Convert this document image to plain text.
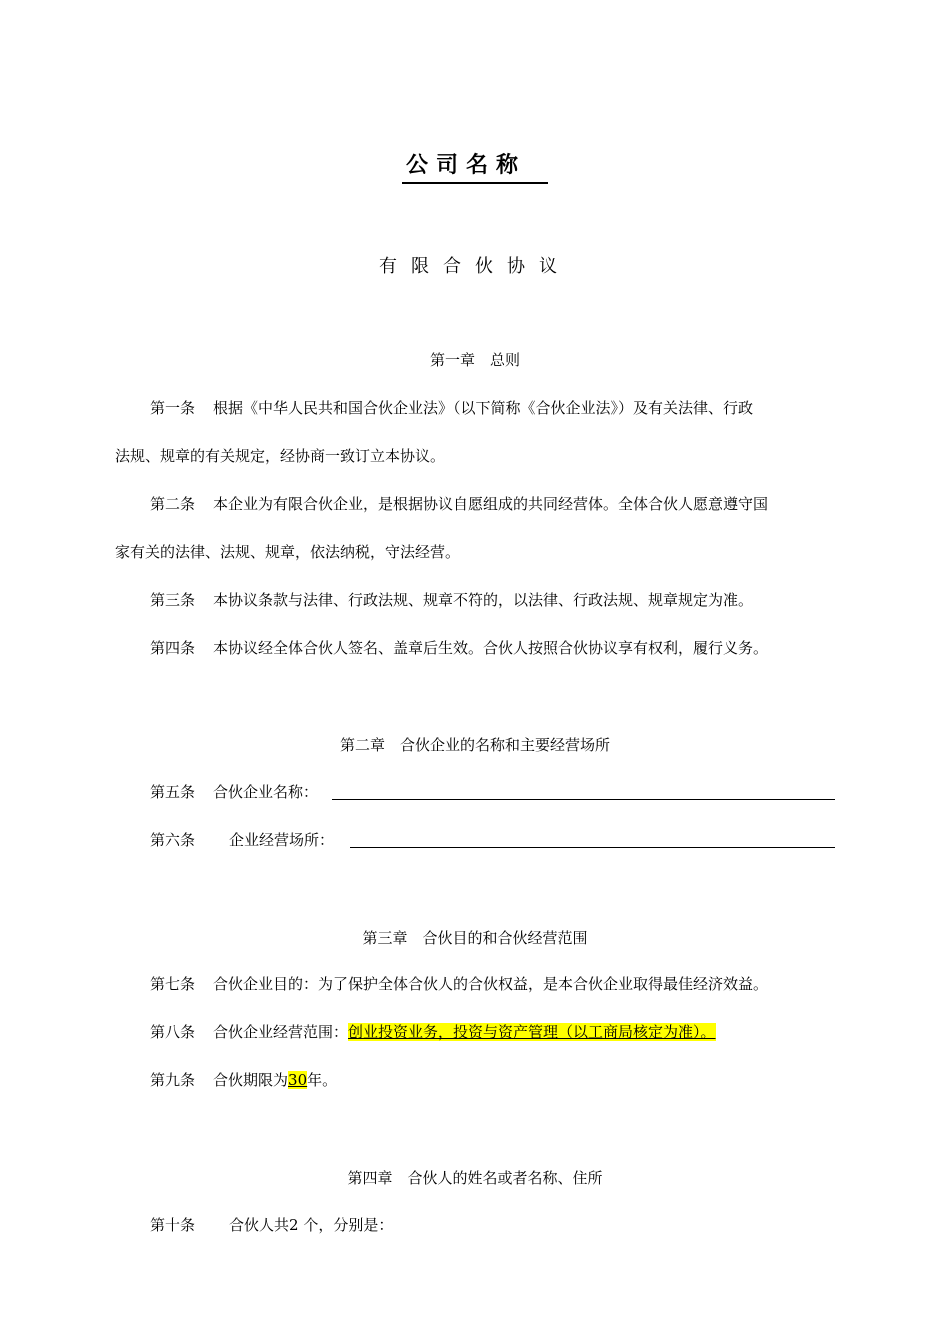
公司名称
有限合伙协议
第一章　总则
第一条 根据《中华人民共和国合伙企业法》（以下简称《合伙企业法》）及有关法律、行政
法规、规章的有关规定，经协商一致订立本协议。
第二条 本企业为有限合伙企业，是根据协议自愿组成的共同经营体。全体合伙人愿意遵守国
家有关的法律、法规、规章，依法纳税，守法经营。
第三条 本协议条款与法律、行政法规、规章不符的，以法律、行政法规、规章规定为准。
第四条 本协议经全体合伙人签名、盖章后生效。合伙人按照合伙协议享有权利，履行义务。
第二章　合伙企业的名称和主要经营场所
第五条 合伙企业名称：
第六条 企业经营场所：
第三章　合伙目的和合伙经营范围
第七条 合伙企业目的：为了保护全体合伙人的合伙权益，是本合伙企业取得最佳经济效益。
第八条 合伙企业经营范围：创业投资业务，投资与资产管理（以工商局核定为准）。
第九条 合伙期限为30年。
第四章　合伙人的姓名或者名称、住所
第十条 合伙人共2 个，分别是：
